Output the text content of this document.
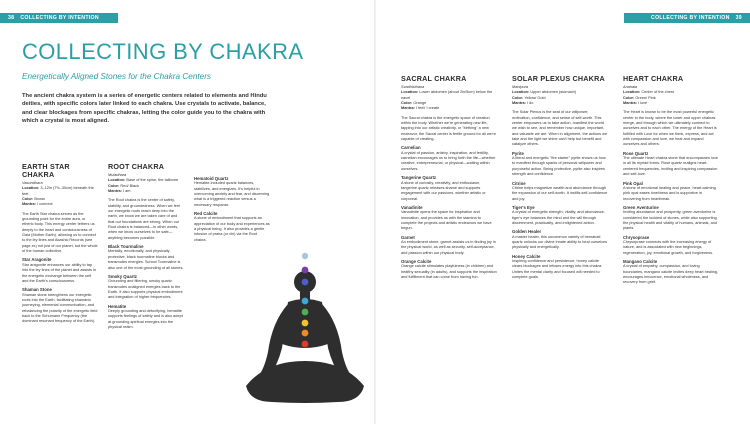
38 COLLECTING BY INTENTION
COLLECTING BY CHAKRA

Energetically Aligned Stones for the Chakra Centers

The ancient chakra system is a series of energetic centers related to elements and Hindu deities, with specific colors later linked to each chakra. Use crystals to activate, balance, and clear blockages from specific chakras, letting the color guide you to the chakra with which a crystal is most aligned.

EARTH STAR CHAKRA
Vasundhara
Location: 3–12in (7½–30cm) beneath the feet
Color: Brown
Mantra: I connect

The Earth Star chakra serves as the grounding point for the entire aura, or etheric body. This energy center tethers us deeply to the heart and consciousness of Gaia (Mother Earth), allowing us to connect to the ley lines and Akashic Records (see page xx) not just of our planet, but the whole of the human collective.

Star Aragonite

Star aragonite enhances our ability to tap into the ley lines of the planet and assists in the energetic exchange between the self and the Earth's consciousness.

Shaman Stone

Shaman stone strengthens our energetic roots into the Earth, facilitating shamanic journeying, elemental communication, and rebalancing the polarity of the energetic field back to the Schumann Frequency (the dominant resonant frequency of the Earth).

ROOT CHAKRA
Muladhara
Location: Base of the spine, the tailbone
Color: Red/ Black
Mantra: I am

The Root chakra is the center of safety, stability, and groundedness. When we feel our energetic roots reach deep into the earth, we know we are taken care of and that our foundations are strong. When our Root chakra is balanced—in other words, when we know ourselves to be safe—anything becomes possible.

Black Tourmaline

Mentally, emotionally, and physically protective, black tourmaline blocks and transmutes energies. School Tourmaline is also one of the most grounding of all stones.

Smoky Quartz

Grounding and filtering, smoky quartz transmutes unaligned energies back to the Earth. It also supports physical embodiment and integration of higher frequencies.

Hematite

Deeply grounding and detoxifying, hematite supports feelings of safety and is also adept at grounding spiritual energies into the physical realm.

Hematoid Quartz

Hematite-included quartz balances, stabilizes, and energizes. It's helpful in overcoming anxiety and fear, and discerning what is a triggered reaction versus a necessary response.

Red Calcite

A stone of embodiment that supports an appreciation of our body and experiences as a physical being. It also provides a gentle infusion of prana (or chi) via the Root chakra.

COLLECTING BY INTENTION 39
SACRAL CHAKRA
Svadhisthana
Location: Lower abdomen (about 2in/5cm) below the navel
Color: Orange
Mantra: I feel/ I create

The Sacral chakra is the energetic space of creation within the body. Whether we're generating new life, tapping into our artistic creativity, or "birthing" a new endeavor, the Sacral center is fertile ground for all we're capable of creating.

Carnelian

A crystal of passion, artistry, inspiration, and fertility, carnelian encourages us to bring forth the life—whether creative, entrepreneurial, or physical—waiting within ourselves.

Tangerine Quartz

A stone of curiosity, creativity, and enthusiasm, tangerine quartz releases shame and supports engagement with our passions, whether artistic or corporeal.

Vanadinite

Vanadinite opens the space for inspiration and innovation, and provides us with the stamina to complete the projects and artistic endeavors we have begun.

Garnet

An embodiment stone, garnet assists us in finding joy in the physical world, as well as security, self-acceptance, and passion within our physical body.

Orange Calcite

Orange calcite stimulates playfulness (in children) and healthy sexuality (in adults), and supports the inspiration and fulfillment that can come from having fun.

SOLAR PLEXUS CHAKRA
Manipura
Location: Upper abdomen (stomach)
Color: Yellow/ Gold
Mantra: I do

The Solar Plexus is the seat of our willpower, motivation, confidence, and sense of self-worth. This center empowers us to take action, manifest the world we wish to see, and remember how unique, important, and valuable we are. When in alignment, the actions we take and the light we shine can't help but benefit and catalyze others.

Pyrite

A literal and energetic "fire starter" pyrite shows us how to manifest through sparks of personal willpower and purposeful action. Being protective, pyrite also inspires strength and confidence.

Citrine

Citrine helps magnetize wealth and abundance through the expansion of our self-worth. It instills self-confidence and joy.

Tiger's Eye

A crystal of energetic strength, vitality, and abundance, tiger's eye balances the mind and the will through discernment, practicality, and enlightened action.

Golden Healer

A master healer, this uncommon variety of hematoid quartz unlocks our divine innate ability to heal ourselves physically and energetically.

Honey Calcite

Inspiring confidence and persistence, honey calcite clears blockages and infuses energy into this chakra. Unites the mental clarity and focused will needed to complete goals.

HEART CHAKRA
Anahata
Location: Center of the chest
Color: Green/ Pink
Mantra: I love

The Heart is known to be the most powerful energetic center in the body, where the lower and upper chakras merge, and through which we ultimately connect to ourselves and to each other. The energy of the Heart is fulfilled with Love for when we think, express, and act with compassion and love, we heal and expand ourselves and others.

Rose Quartz

The ultimate Heart chakra stone that encompasses love in all its myriad forms. Rose quartz realigns heart-centered frequencies, inviting and inspiring compassion and self-love.

Pink Opal

A stone of emotional healing and peace, heart-calming pink opal eases loneliness and is supportive in recovering from heartbreak.

Green Aventurine

Inviting abundance and prosperity, green aventurine is considered the luckiest of stones, while also supporting the physical health and vitality of humans, animals, and plants.

Chrysoprase

Chrysoprase connects with the increasing energy of nature, and is associated with new beginnings, regeneration, joy, emotional growth, and forgiveness.

Mangano Calcite

A crystal of empathy, compassion, and loving boundaries, mangano calcite invites deep heart healing, encourages innocence, emotional wholeness, and recovery from grief.
